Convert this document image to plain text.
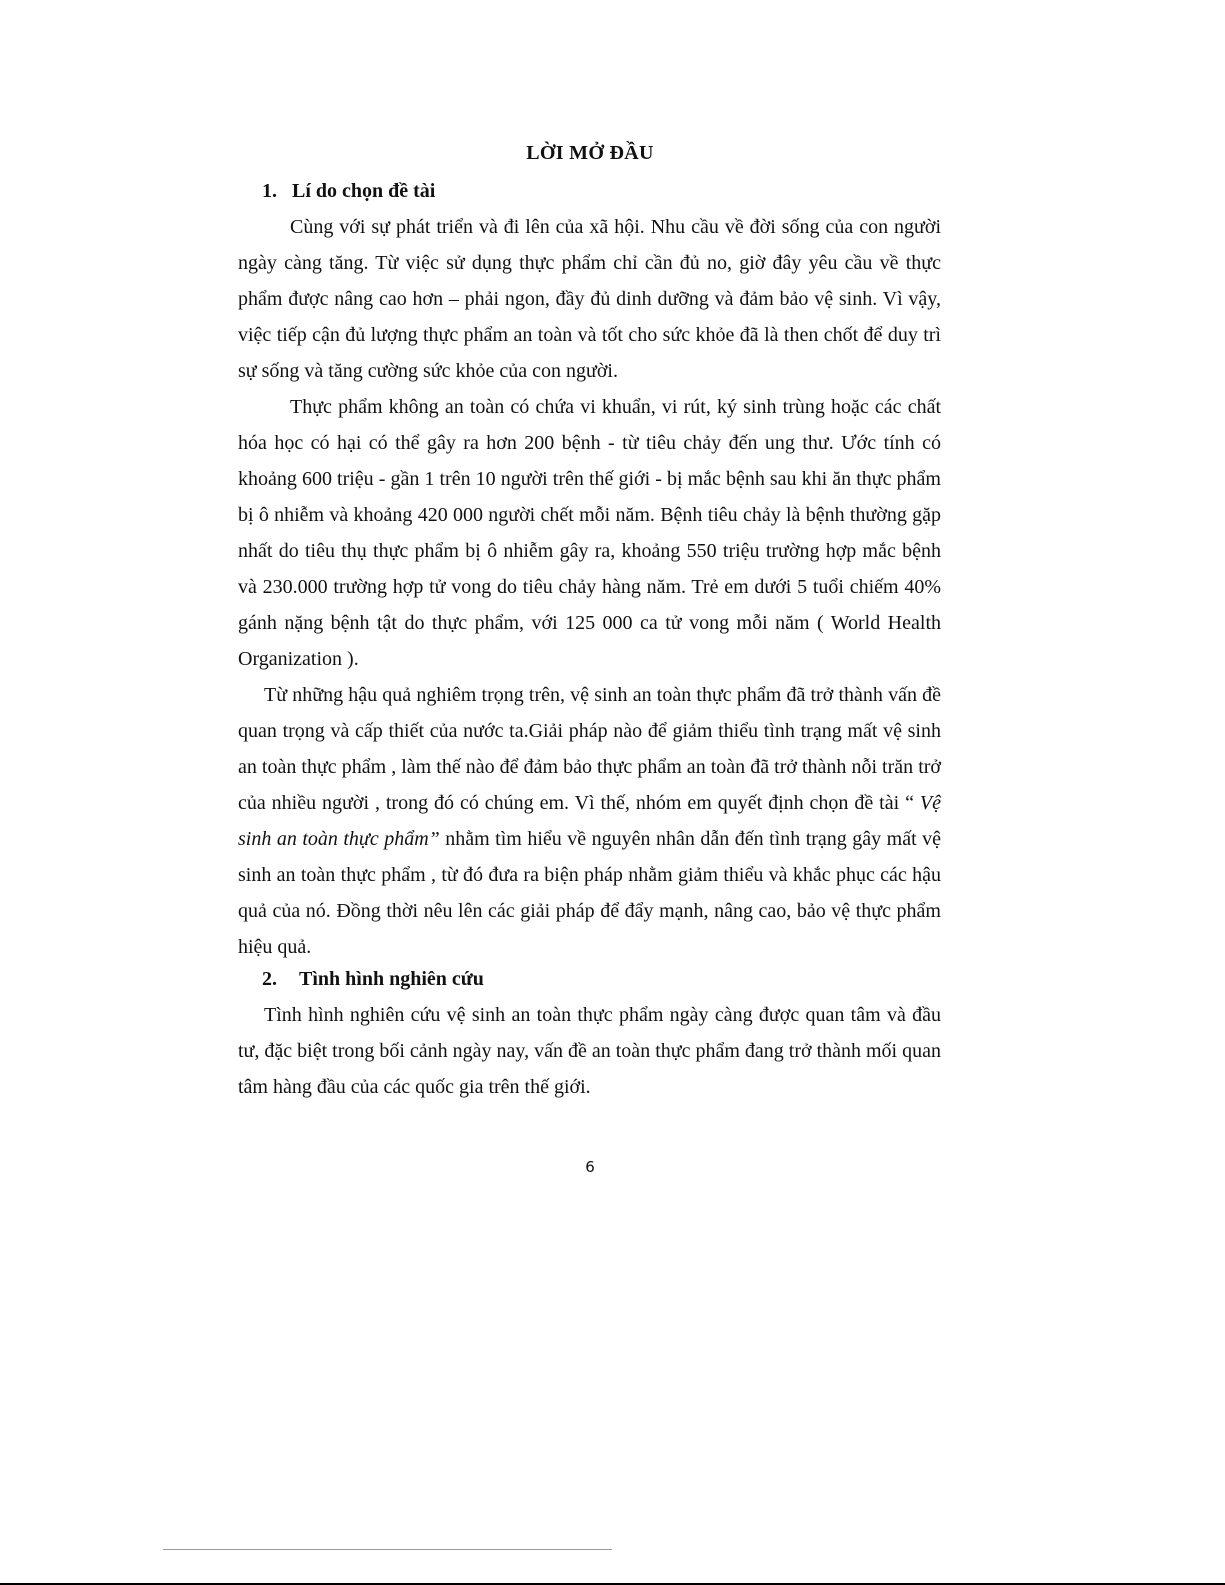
LỜI MỞ ĐẦU
1. Lí do chọn đề tài

Cùng với sự phát triển và đi lên của xã hội. Nhu cầu về đời sống của con người ngày càng tăng. Từ việc sử dụng thực phẩm chỉ cần đủ no, giờ đây yêu cầu về thực phẩm được nâng cao hơn – phải ngon, đầy đủ dinh dưỡng và đảm bảo vệ sinh. Vì vậy, việc tiếp cận đủ lượng thực phẩm an toàn và tốt cho sức khỏe đã là then chốt để duy trì sự sống và tăng cường sức khỏe của con người.

Thực phẩm không an toàn có chứa vi khuẩn, vi rút, ký sinh trùng hoặc các chất hóa học có hại có thể gây ra hơn 200 bệnh - từ tiêu chảy đến ung thư. Ước tính có khoảng 600 triệu - gần 1 trên 10 người trên thế giới - bị mắc bệnh sau khi ăn thực phẩm bị ô nhiễm và khoảng 420 000 người chết mỗi năm. Bệnh tiêu chảy là bệnh thường gặp nhất do tiêu thụ thực phẩm bị ô nhiễm gây ra, khoảng 550 triệu trường hợp mắc bệnh và 230.000 trường hợp tử vong do tiêu chảy hàng năm. Trẻ em dưới 5 tuổi chiếm 40% gánh nặng bệnh tật do thực phẩm, với 125 000 ca tử vong mỗi năm ( World Health Organization ).

Từ những hậu quả nghiêm trọng trên, vệ sinh an toàn thực phẩm đã trở thành vấn đề quan trọng và cấp thiết của nước ta.Giải pháp nào để giảm thiểu tình trạng mất vệ sinh an toàn thực phẩm , làm thế nào để đảm bảo thực phẩm an toàn đã trở thành nỗi trăn trở của nhiều người , trong đó có chúng em. Vì thế, nhóm em quyết định chọn đề tài “ Vệ sinh an toàn thực phẩm” nhằm tìm hiểu về nguyên nhân dẫn đến tình trạng gây mất vệ sinh an toàn thực phẩm , từ đó đưa ra biện pháp nhằm giảm thiểu và khắc phục các hậu quả của nó. Đồng thời nêu lên các giải pháp để đẩy mạnh, nâng cao, bảo vệ thực phẩm hiệu quả.

2. Tình hình nghiên cứu

Tình hình nghiên cứu vệ sinh an toàn thực phẩm ngày càng được quan tâm và đầu tư, đặc biệt trong bối cảnh ngày nay, vấn đề an toàn thực phẩm đang trở thành mối quan tâm hàng đầu của các quốc gia trên thế giới.

6
